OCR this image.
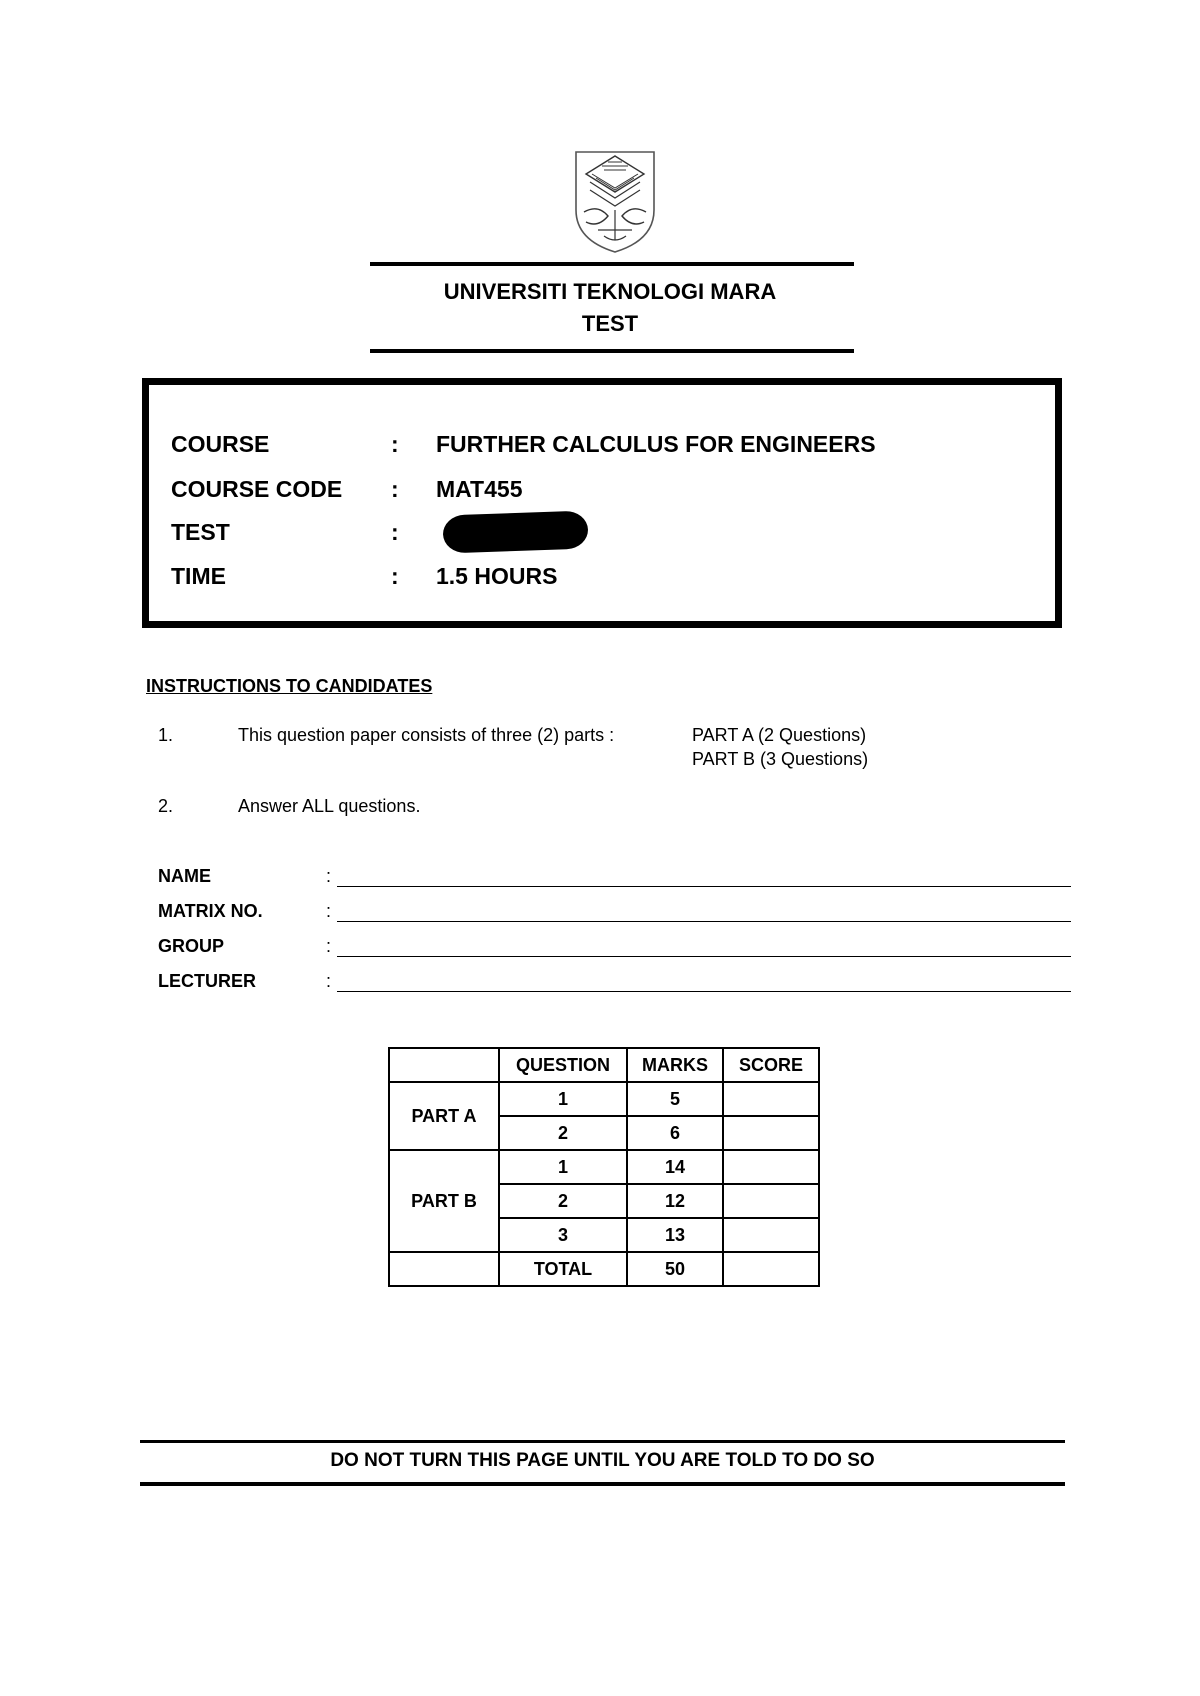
UNIVERSITI TEKNOLOGI MARA
TEST
COURSE	: FURTHER CALCULUS FOR ENGINEERS
COURSE CODE : MAT455
TEST	:
TIME	: 1.5 HOURS
INSTRUCTIONS TO CANDIDATES
1.	This question paper consists of three (2) parts :	PART A (2 Questions)
PART B (3 Questions)
2.	Answer ALL questions.
NAME	:
MATRIX NO.	:
GROUP	:
LECTURER	:
	QUESTION	MARKS	SCORE
PART A	1	5	
	2	6	
PART B	1	14	
	2	12	
	3	13	
	TOTAL	50	
DO NOT TURN THIS PAGE UNTIL YOU ARE TOLD TO DO SO
